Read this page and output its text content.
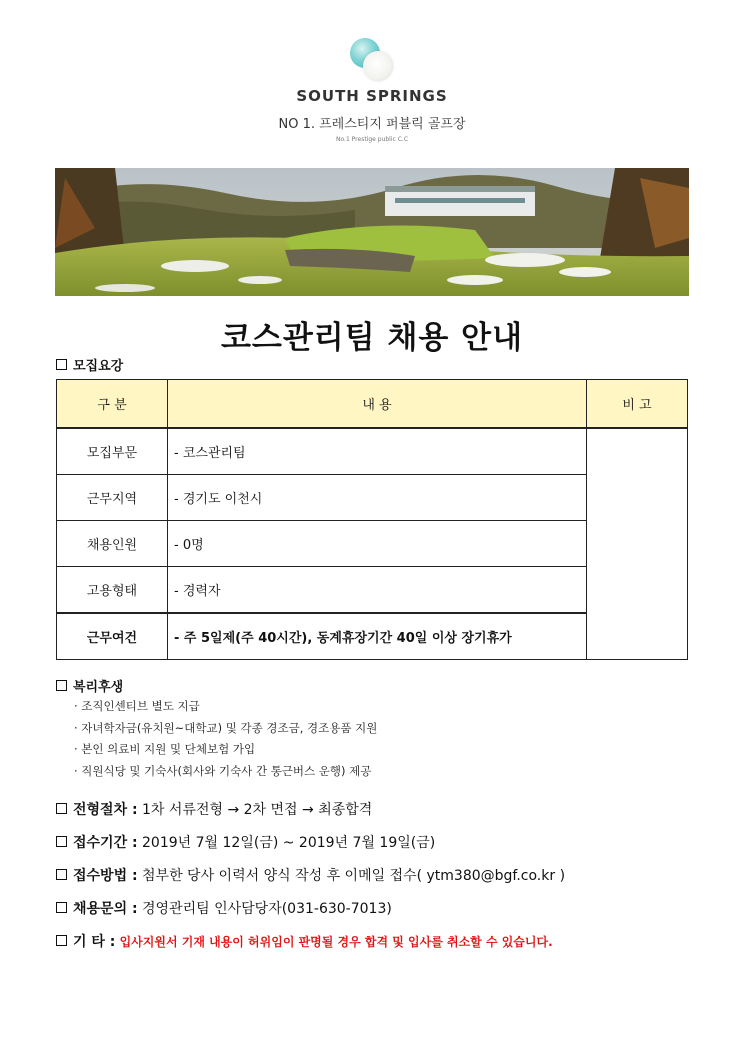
SOUTH SPRINGS
NO 1. 프레스티지 퍼블릭 골프장
No.1 Prestige public C.C
코스관리팀 채용 안내
모집요강
구 분	내 용	비 고
모집부문	- 코스관리팀	
근무지역	- 경기도 이천시	
채용인원	- 0명	
고용형태	- 경력자	
근무여건	- 주 5일제(주 40시간), 동계휴장기간 40일 이상 장기휴가	
복리후생
· 조직인센티브 별도 지급
· 자녀학자금(유치원~대학교) 및 각종 경조금, 경조용품 지원
· 본인 의료비 지원 및 단체보험 가입
· 직원식당 및 기숙사(회사와 기숙사 간 통근버스 운행) 제공
전형절차 : 1차 서류전형 → 2차 면접 → 최종합격
접수기간 : 2019년 7월 12일(금) ~ 2019년 7월 19일(금)
접수방법 : 첨부한 당사 이력서 양식 작성 후 이메일 접수( ytm380@bgf.co.kr )
채용문의 : 경영관리팀 인사담당자(031-630-7013)
기 타 : 입사지원서 기재 내용이 허위임이 판명될 경우 합격 및 입사를 취소할 수 있습니다.
